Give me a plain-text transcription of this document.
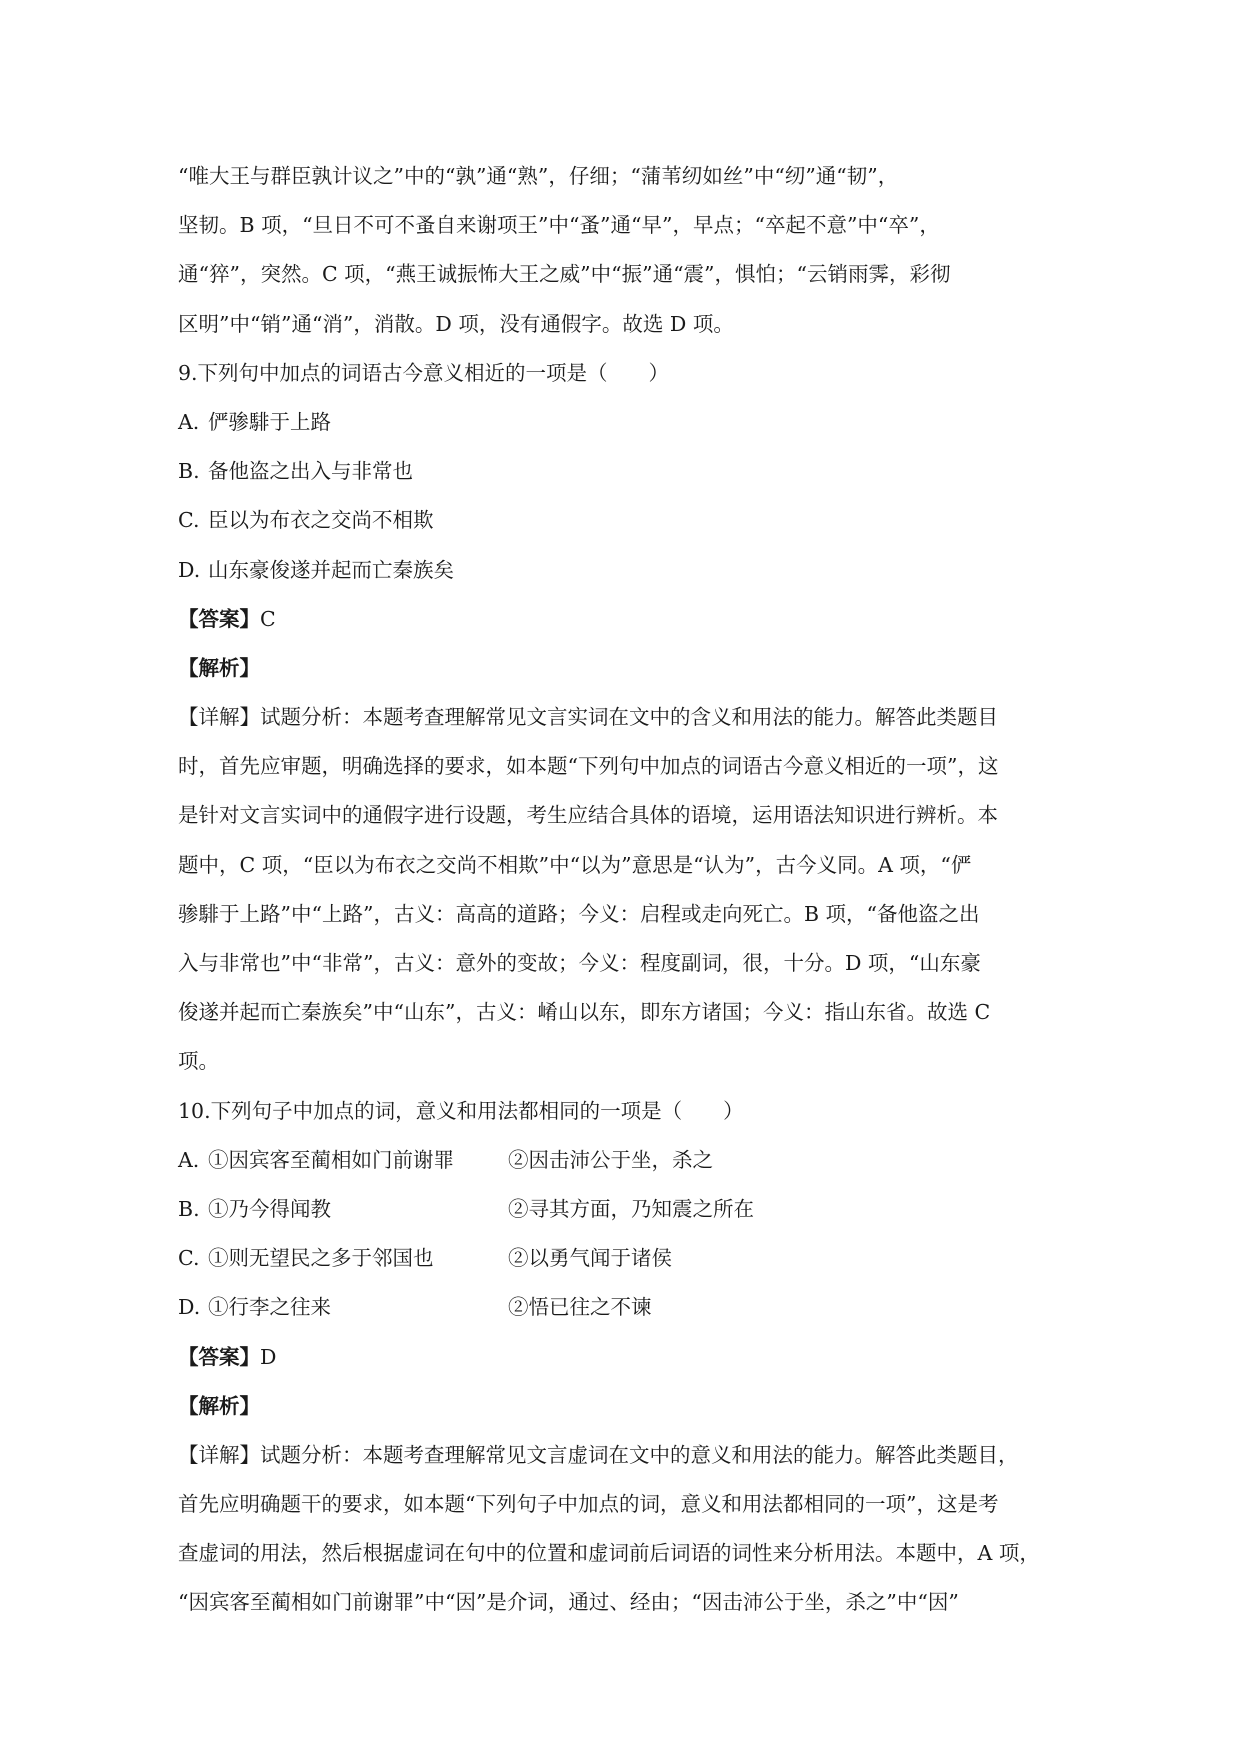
“唯大王与群臣孰计议之”中的“孰”通“熟”，仔细；“蒲苇纫如丝”中“纫”通“韧”，
坚韧。B 项，“旦日不可不蚤自来谢项王”中“蚤”通“早”，早点；“卒起不意”中“卒”，
通“猝”，突然。C 项，“燕王诚振怖大王之威”中“振”通“震”，惧怕；“云销雨霁，彩彻
区明”中“销”通“消”，消散。D 项，没有通假字。故选 D 项。
9.下列句中加点的词语古今意义相近的一项是（　　）
A. 俨骖騑于上路
B. 备他盗之出入与非常也
C. 臣以为布衣之交尚不相欺
D. 山东豪俊遂并起而亡秦族矣
【答案】C
【解析】
【详解】试题分析：本题考查理解常见文言实词在文中的含义和用法的能力。解答此类题目
时，首先应审题，明确选择的要求，如本题“下列句中加点的词语古今意义相近的一项”，这
是针对文言实词中的通假字进行设题，考生应结合具体的语境，运用语法知识进行辨析。本
题中，C 项，“臣以为布衣之交尚不相欺”中“以为”意思是“认为”，古今义同。A 项，“俨
骖騑于上路”中“上路”，古义：高高的道路；今义：启程或走向死亡。B 项，“备他盗之出
入与非常也”中“非常”，古义：意外的变故；今义：程度副词，很，十分。D 项，“山东豪
俊遂并起而亡秦族矣”中“山东”，古义：崤山以东，即东方诸国；今义：指山东省。故选 C
项。
10.下列句子中加点的词，意义和用法都相同的一项是（　　）
A. ①因宾客至蔺相如门前谢罪	②因击沛公于坐，杀之
B. ①乃今得闻教	②寻其方面，乃知震之所在
C. ①则无望民之多于邻国也	②以勇气闻于诸侯
D. ①行李之往来	②悟已往之不谏
【答案】D
【解析】
【详解】试题分析：本题考查理解常见文言虚词在文中的意义和用法的能力。解答此类题目，
首先应明确题干的要求，如本题“下列句子中加点的词，意义和用法都相同的一项”，这是考
查虚词的用法，然后根据虚词在句中的位置和虚词前后词语的词性来分析用法。本题中，A 项，
“因宾客至蔺相如门前谢罪”中“因”是介词，通过、经由；“因击沛公于坐，杀之”中“因”
